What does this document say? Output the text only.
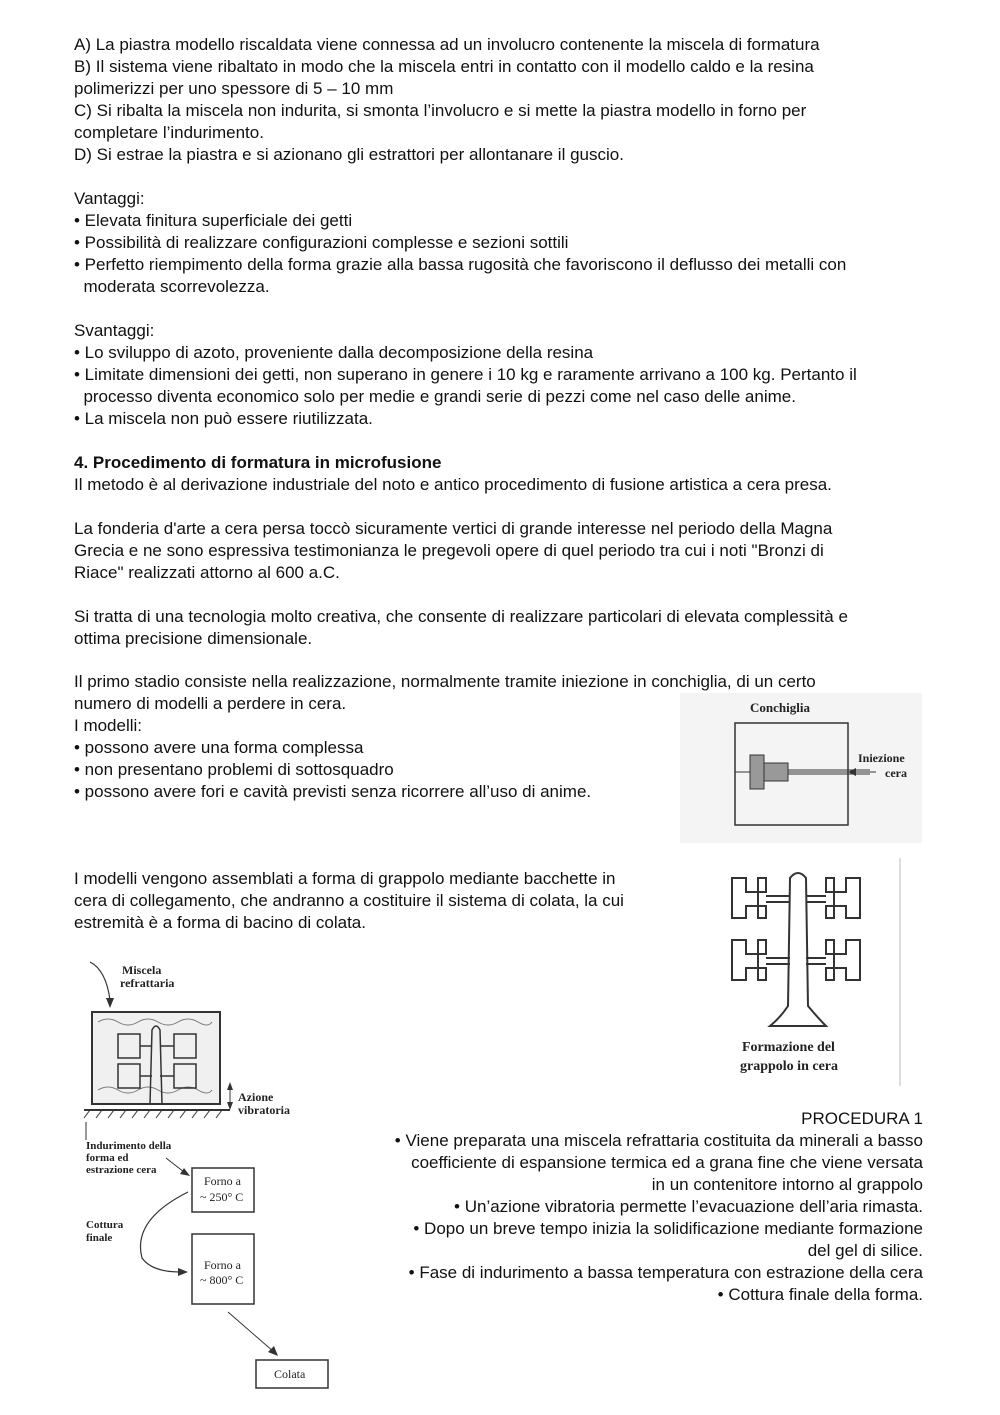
A) La piastra modello riscaldata viene connessa ad un involucro contenente la miscela di formatura
B) Il sistema viene ribaltato in modo che la miscela entri in contatto con il modello caldo e la resina
polimerizzi per uno spessore di 5 – 10 mm
C) Si ribalta la miscela non indurita, si smonta l’involucro e si mette la piastra modello in forno per
completare l’indurimento.
D) Si estrae la piastra e si azionano gli estrattori per allontanare il guscio.
Vantaggi:
• Elevata finitura superficiale dei getti
• Possibilità di realizzare configurazioni complesse e sezioni sottili
• Perfetto riempimento della forma grazie alla bassa rugosità che favoriscono il deflusso dei metalli con
moderata scorrevolezza.
Svantaggi:
• Lo sviluppo di azoto, proveniente dalla decomposizione della resina
• Limitate dimensioni dei getti, non superano in genere i 10 kg e raramente arrivano a 100 kg. Pertanto il
processo diventa economico solo per medie e grandi serie di pezzi come nel caso delle anime.
• La miscela non può essere riutilizzata.
4. Procedimento di formatura in microfusione
Il metodo è al derivazione industriale del noto e antico procedimento di fusione artistica a cera presa.
La fonderia d'arte a cera persa toccò sicuramente vertici di grande interesse nel periodo della Magna
Grecia e ne sono espressiva testimonianza le pregevoli opere di quel periodo tra cui i noti "Bronzi di
Riace" realizzati attorno al 600 a.C.
Si tratta di una tecnologia molto creativa, che consente di realizzare particolari di elevata complessità e
ottima precisione dimensionale.
Il primo stadio consiste nella realizzazione, normalmente tramite iniezione in conchiglia, di un certo
numero di modelli a perdere in cera.
I modelli:
• possono avere una forma complessa
• non presentano problemi di sottosquadro
• possono avere fori e cavità previsti senza ricorrere all’uso di anime.
I modelli vengono assemblati a forma di grappolo mediante bacchette in
cera di collegamento, che andranno a costituire il sistema di colata, la cui
estremità è a forma di bacino di colata.
Conchiglia
Iniezione
cera
Formazione del
grappolo in cera
Miscela
refrattaria
Azione
vibratoria
Indurimento della
forma ed
estrazione cera
Forno a
~ 250° C
Cottura
finale
Forno a
~ 800° C
Colata
PROCEDURA 1
• Viene preparata una miscela refrattaria costituita da minerali a basso
coefficiente di espansione termica ed a grana fine che viene versata
in un contenitore intorno al grappolo
• Un’azione vibratoria permette l’evacuazione dell’aria rimasta.
• Dopo un breve tempo inizia la solidificazione mediante formazione
del gel di silice.
• Fase di indurimento a bassa temperatura con estrazione della cera
• Cottura finale della forma.
